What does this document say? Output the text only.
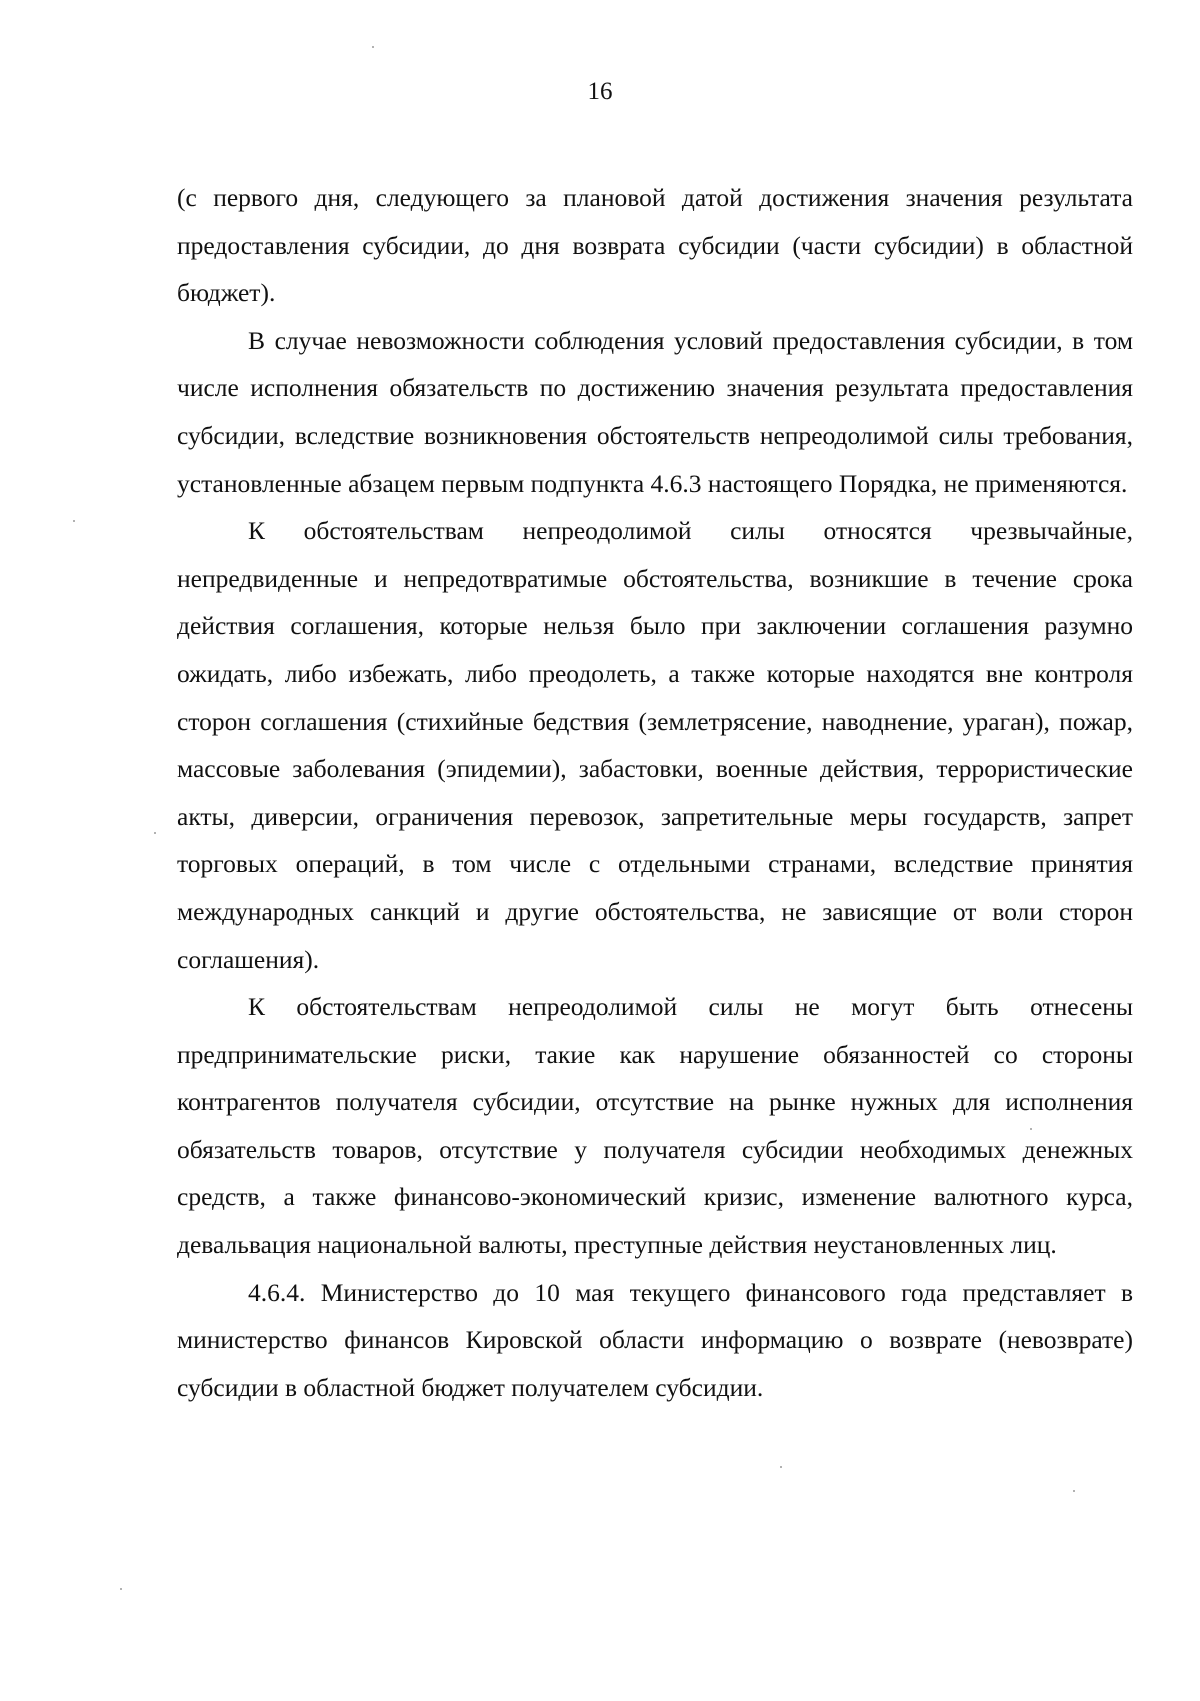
16

(с первого дня, следующего за плановой датой достижения значения результата предоставления субсидии, до дня возврата субсидии (части субсидии) в областной бюджет).

В случае невозможности соблюдения условий предоставления субсидии, в том числе исполнения обязательств по достижению значения результата предоставления субсидии, вследствие возникновения обстоятельств непреодолимой силы требования, установленные абзацем первым подпункта 4.6.3 настоящего Порядка, не применяются.

К обстоятельствам непреодолимой силы относятся чрезвычайные, непредвиденные и непредотвратимые обстоятельства, возникшие в течение срока действия соглашения, которые нельзя было при заключении соглашения разумно ожидать, либо избежать, либо преодолеть, а также которые находятся вне контроля сторон соглашения (стихийные бедствия (землетрясение, наводнение, ураган), пожар, массовые заболевания (эпидемии), забастовки, военные действия, террористические акты, диверсии, ограничения перевозок, запретительные меры государств, запрет торговых операций, в том числе с отдельными странами, вследствие принятия международных санкций и другие обстоятельства, не зависящие от воли сторон соглашения).

К обстоятельствам непреодолимой силы не могут быть отнесены предпринимательские риски, такие как нарушение обязанностей со стороны контрагентов получателя субсидии, отсутствие на рынке нужных для исполнения обязательств товаров, отсутствие у получателя субсидии необходимых денежных средств, а также финансово-экономический кризис, изменение валютного курса, девальвация национальной валюты, преступные действия неустановленных лиц.

4.6.4. Министерство до 10 мая текущего финансового года представляет в министерство финансов Кировской области информацию о возврате (невозврате) субсидии в областной бюджет получателем субсидии.
